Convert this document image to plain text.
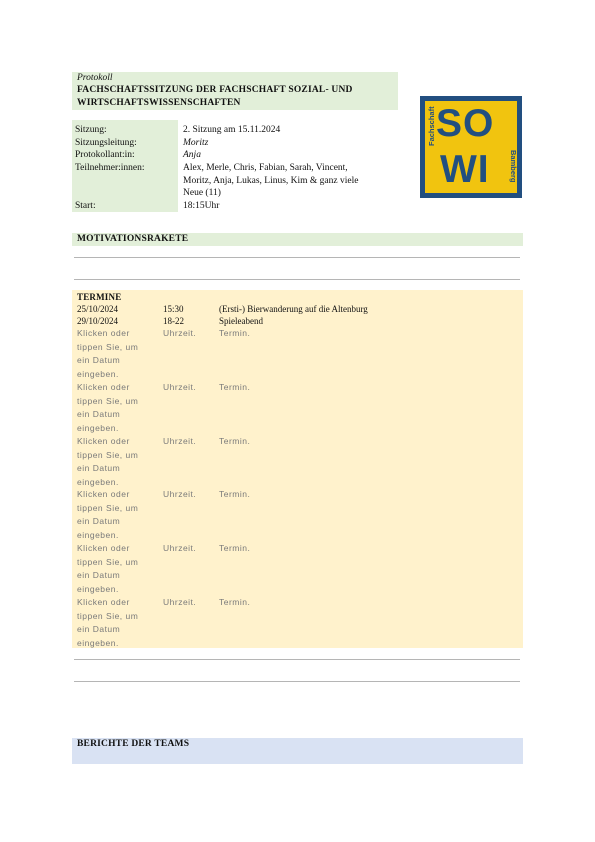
Protokoll
FACHSCHAFTSSITZUNG DER FACHSCHAFT SOZIAL- UND
WIRTSCHAFTSWISSENSCHAFTEN
Sitzung:	2. Sitzung am 15.11.2024
Sitzungsleitung:	Moritz
Protokollant:in:	Anja
Teilnehmer:innen:	Alex, Merle, Chris, Fabian, Sarah, Vincent,
Moritz, Anja, Lukas, Linus, Kim & ganz viele
Neue (11)
Start:	18:15Uhr
SO
WI
Fachschaft
Bamberg
MOTIVATIONSRAKETE
TERMINE
25/10/2024	15:30	(Ersti-) Bierwanderung auf die Altenburg
29/10/2024	18-22	Spieleabend
Klicken oder
tippen Sie, um
ein Datum
eingeben.
Uhrzeit.	Termin.
Klicken oder
tippen Sie, um
ein Datum
eingeben.
Uhrzeit.	Termin.
Klicken oder
tippen Sie, um
ein Datum
eingeben.
Uhrzeit.	Termin.
Klicken oder
tippen Sie, um
ein Datum
eingeben.
Uhrzeit.	Termin.
Klicken oder
tippen Sie, um
ein Datum
eingeben.
Uhrzeit.	Termin.
Klicken oder
tippen Sie, um
ein Datum
eingeben.
Uhrzeit.	Termin.
BERICHTE DER TEAMS
